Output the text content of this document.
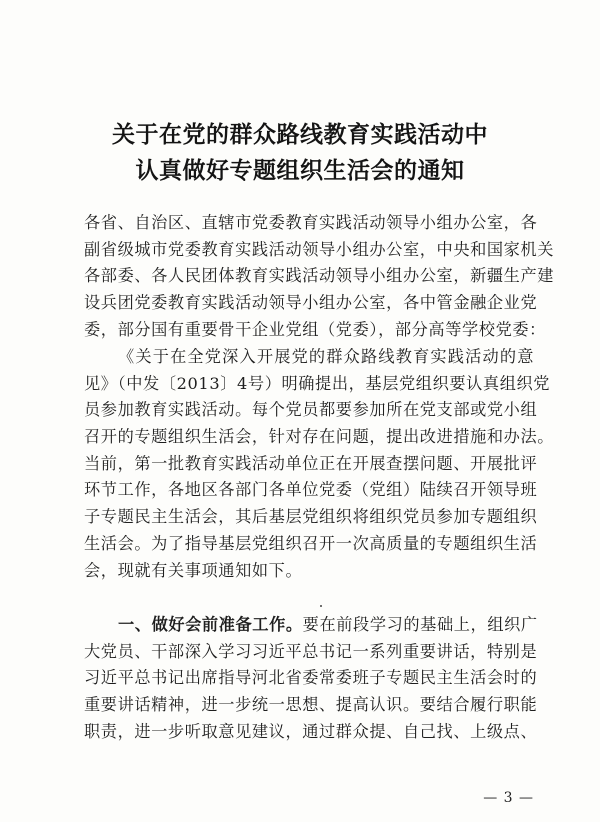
关于在党的群众路线教育实践活动中
认真做好专题组织生活会的通知
各省、自治区、直辖市党委教育实践活动领导小组办公室，各
副省级城市党委教育实践活动领导小组办公室，中央和国家机关
各部委、各人民团体教育实践活动领导小组办公室，新疆生产建
设兵团党委教育实践活动领导小组办公室，各中管金融企业党
委，部分国有重要骨干企业党组（党委），部分高等学校党委：
《关于在全党深入开展党的群众路线教育实践活动的意
见》（中发〔2013〕4号）明确提出，基层党组织要认真组织党
员参加教育实践活动。每个党员都要参加所在党支部或党小组
召开的专题组织生活会，针对存在问题，提出改进措施和办法。
当前，第一批教育实践活动单位正在开展查摆问题、开展批评
环节工作，各地区各部门各单位党委（党组）陆续召开领导班
子专题民主生活会，其后基层党组织将组织党员参加专题组织
生活会。为了指导基层党组织召开一次高质量的专题组织生活
会，现就有关事项通知如下。
一、做好会前准备工作。要在前段学习的基础上，组织广
大党员、干部深入学习习近平总书记一系列重要讲话，特别是
习近平总书记出席指导河北省委常委班子专题民主生活会时的
重要讲话精神，进一步统一思想、提高认识。要结合履行职能
职责，进一步听取意见建议，通过群众提、自己找、上级点、
— 3 —
